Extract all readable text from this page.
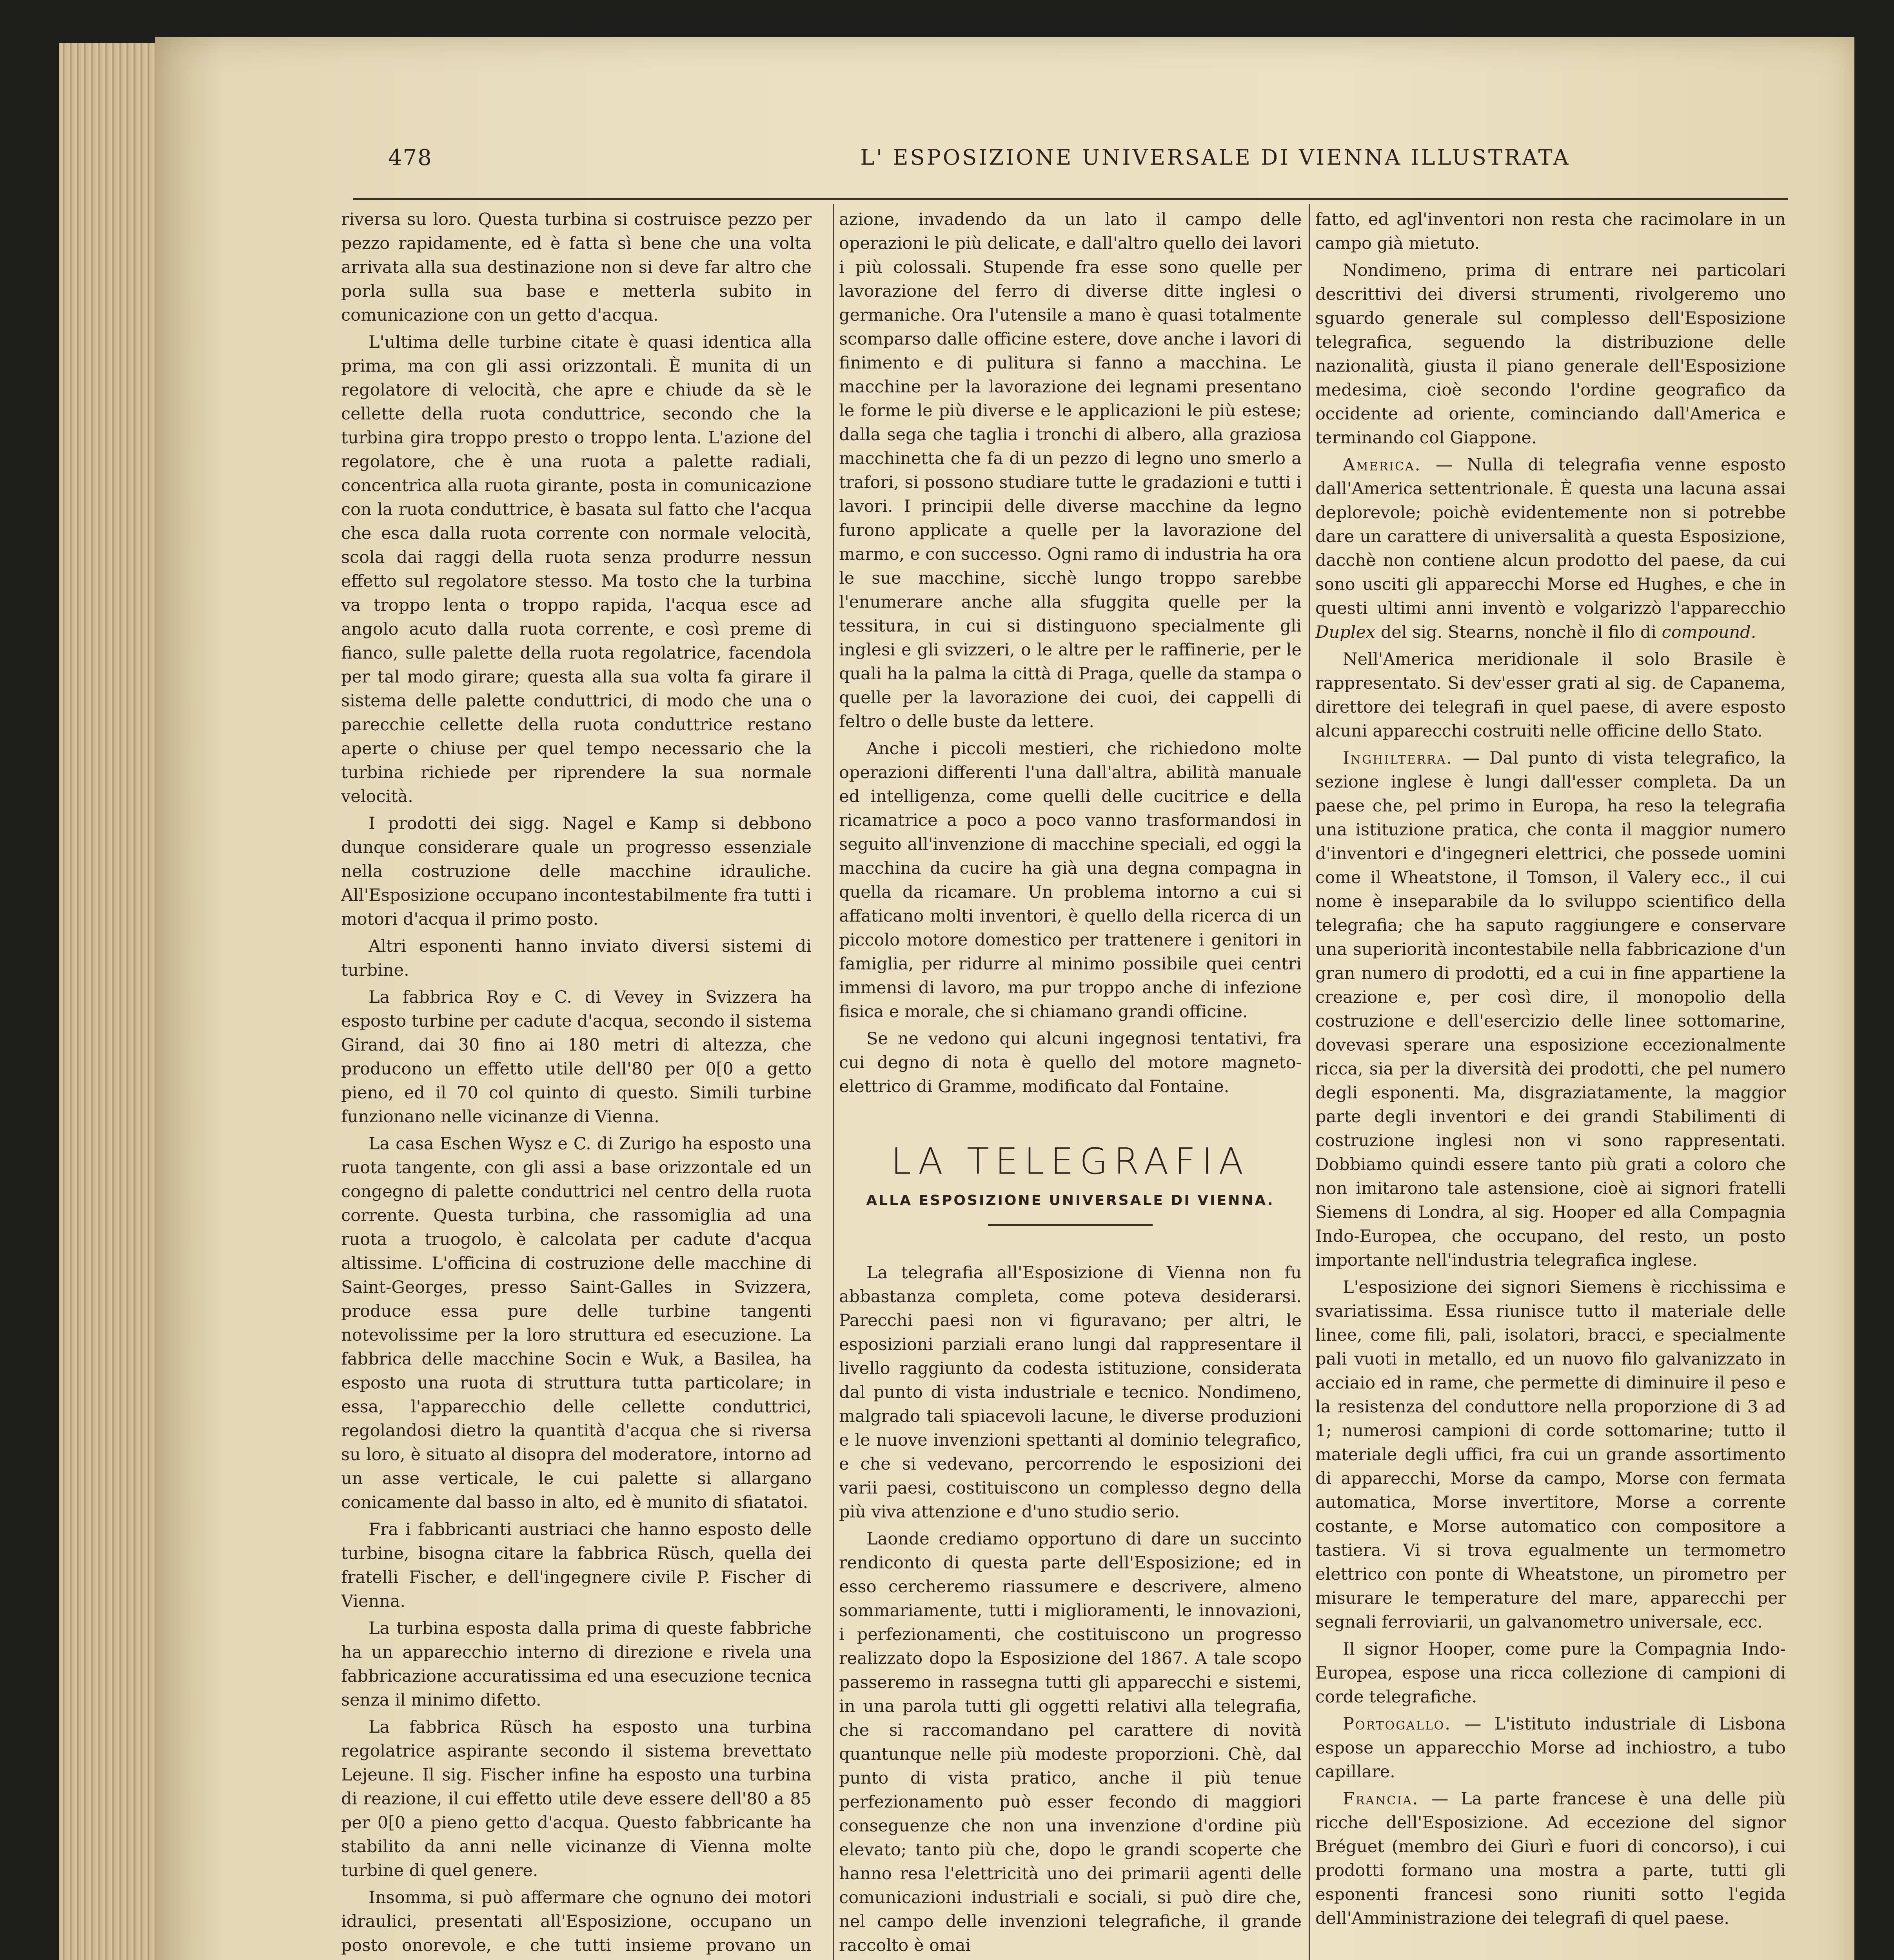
478	L' ESPOSIZIONE UNIVERSALE DI VIENNA ILLUSTRATA

riversa su loro. Questa turbina si costruisce pezzo per pezzo rapidamente, ed è fatta sì bene che una volta arrivata alla sua destinazione non si deve far altro che porla sulla sua base e metterla subito in comunicazione con un getto d'acqua.

L'ultima delle turbine citate è quasi identica alla prima, ma con gli assi orizzontali. È munita di un regolatore di velocità, che apre e chiude da sè le cellette della ruota conduttrice, secondo che la turbina gira troppo presto o troppo lenta. L'azione del regolatore, che è una ruota a palette radiali, concentrica alla ruota girante, posta in comunicazione con la ruota conduttrice, è basata sul fatto che l'acqua che esca dalla ruota corrente con normale velocità, scola dai raggi della ruota senza produrre nessun effetto sul regolatore stesso. Ma tosto che la turbina va troppo lenta o troppo rapida, l'acqua esce ad angolo acuto dalla ruota corrente, e così preme di fianco, sulle palette della ruota regolatrice, facendola per tal modo girare; questa alla sua volta fa girare il sistema delle palette conduttrici, di modo che una o parecchie cellette della ruota conduttrice restano aperte o chiuse per quel tempo necessario che la turbina richiede per riprendere la sua normale velocità.

I prodotti dei sigg. Nagel e Kamp si debbono dunque considerare quale un progresso essenziale nella costruzione delle macchine idrauliche. All'Esposizione occupano incontestabilmente fra tutti i motori d'acqua il primo posto.

Altri esponenti hanno inviato diversi sistemi di turbine.

La fabbrica Roy e C. di Vevey in Svizzera ha esposto turbine per cadute d'acqua, secondo il sistema Girand, dai 30 fino ai 180 metri di altezza, che producono un effetto utile dell'80 per 0[0 a getto pieno, ed il 70 col quinto di questo. Simili turbine funzionano nelle vicinanze di Vienna.

La casa Eschen Wysz e C. di Zurigo ha esposto una ruota tangente, con gli assi a base orizzontale ed un congegno di palette conduttrici nel centro della ruota corrente. Questa turbina, che rassomiglia ad una ruota a truogolo, è calcolata per cadute d'acqua altissime. L'officina di costruzione delle macchine di Saint-Georges, presso Saint-Galles in Svizzera, produce essa pure delle turbine tangenti notevolissime per la loro struttura ed esecuzione. La fabbrica delle macchine Socin e Wuk, a Basilea, ha esposto una ruota di struttura tutta particolare; in essa, l'apparecchio delle cellette conduttrici, regolandosi dietro la quantità d'acqua che si riversa su loro, è situato al disopra del moderatore, intorno ad un asse verticale, le cui palette si allargano conicamente dal basso in alto, ed è munito di sfiatatoi.

Fra i fabbricanti austriaci che hanno esposto delle turbine, bisogna citare la fabbrica Rüsch, quella dei fratelli Fischer, e dell'ingegnere civile P. Fischer di Vienna.

La turbina esposta dalla prima di queste fabbriche ha un apparecchio interno di direzione e rivela una fabbricazione accuratissima ed una esecuzione tecnica senza il minimo difetto.

La fabbrica Rüsch ha esposto una turbina regolatrice aspirante secondo il sistema brevettato Lejeune. Il sig. Fischer infine ha esposto una turbina di reazione, il cui effetto utile deve essere dell'80 a 85 per 0[0 a pieno getto d'acqua. Questo fabbricante ha stabilito da anni nelle vicinanze di Vienna molte turbine di quel genere.

Insomma, si può affermare che ognuno dei motori idraulici, presentati all'Esposizione, occupano un posto onorevole, e che tutti insieme provano un

azione, invadendo da un lato il campo delle operazioni le più delicate, e dall'altro quello dei lavori i più colossali. Stupende fra esse sono quelle per lavorazione del ferro di diverse ditte inglesi o germaniche. Ora l'utensile a mano è quasi totalmente scomparso dalle officine estere, dove anche i lavori di finimento e di pulitura si fanno a macchina. Le macchine per la lavorazione dei legnami presentano le forme le più diverse e le applicazioni le più estese; dalla sega che taglia i tronchi di albero, alla graziosa macchinetta che fa di un pezzo di legno uno smerlo a trafori, si possono studiare tutte le gradazioni e tutti i lavori. I principii delle diverse macchine da legno furono applicate a quelle per la lavorazione del marmo, e con successo. Ogni ramo di industria ha ora le sue macchine, sicchè lungo troppo sarebbe l'enumerare anche alla sfuggita quelle per la tessitura, in cui si distinguono specialmente gli inglesi e gli svizzeri, o le altre per le raffinerie, per le quali ha la palma la città di Praga, quelle da stampa o quelle per la lavorazione dei cuoi, dei cappelli di feltro o delle buste da lettere.

Anche i piccoli mestieri, che richiedono molte operazioni differenti l'una dall'altra, abilità manuale ed intelligenza, come quelli delle cucitrice e della ricamatrice a poco a poco vanno trasformandosi in seguito all'invenzione di macchine speciali, ed oggi la macchina da cucire ha già una degna compagna in quella da ricamare. Un problema intorno a cui si affaticano molti inventori, è quello della ricerca di un piccolo motore domestico per trattenere i genitori in famiglia, per ridurre al minimo possibile quei centri immensi di lavoro, ma pur troppo anche di infezione fisica e morale, che si chiamano grandi officine.

Se ne vedono qui alcuni ingegnosi tentativi, fra cui degno di nota è quello del motore magneto-elettrico di Gramme, modificato dal Fontaine.

LA TELEGRAFIA
ALLA ESPOSIZIONE UNIVERSALE DI VIENNA.

La telegrafia all'Esposizione di Vienna non fu abbastanza completa, come poteva desiderarsi. Parecchi paesi non vi figuravano; per altri, le esposizioni parziali erano lungi dal rappresentare il livello raggiunto da codesta istituzione, considerata dal punto di vista industriale e tecnico. Nondimeno, malgrado tali spiacevoli lacune, le diverse produzioni e le nuove invenzioni spettanti al dominio telegrafico, e che si vedevano, percorrendo le esposizioni dei varii paesi, costituiscono un complesso degno della più viva attenzione e d'uno studio serio.

Laonde crediamo opportuno di dare un succinto rendiconto di questa parte dell'Esposizione; ed in esso cercheremo riassumere e descrivere, almeno sommariamente, tutti i miglioramenti, le innovazioni, i perfezionamenti, che costituiscono un progresso realizzato dopo la Esposizione del 1867. A tale scopo passeremo in rassegna tutti gli apparecchi e sistemi, in una parola tutti gli oggetti relativi alla telegrafia, che si raccomandano pel carattere di novità quantunque nelle più modeste proporzioni. Chè, dal punto di vista pratico, anche il più tenue perfezionamento può esser fecondo di maggiori conseguenze che non una invenzione d'ordine più elevato; tanto più che, dopo le grandi scoperte che hanno resa l'elettricità uno dei primarii agenti delle comunicazioni industriali e sociali, si può dire che, nel campo delle invenzioni telegrafiche, il grande raccolto è omai

fatto, ed agl'inventori non resta che racimolare in un campo già mietuto.

Nondimeno, prima di entrare nei particolari descrittivi dei diversi strumenti, rivolgeremo uno sguardo generale sul complesso dell'Esposizione telegrafica, seguendo la distribuzione delle nazionalità, giusta il piano generale dell'Esposizione medesima, cioè secondo l'ordine geografico da occidente ad oriente, cominciando dall'America e terminando col Giappone.

America. — Nulla di telegrafia venne esposto dall'America settentrionale. È questa una lacuna assai deplorevole; poichè evidentemente non si potrebbe dare un carattere di universalità a questa Esposizione, dacchè non contiene alcun prodotto del paese, da cui sono usciti gli apparecchi Morse ed Hughes, e che in questi ultimi anni inventò e volgarizzò l'apparecchio Duplex del sig. Stearns, nonchè il filo di compound.

Nell'America meridionale il solo Brasile è rappresentato. Si dev'esser grati al sig. de Capanema, direttore dei telegrafi in quel paese, di avere esposto alcuni apparecchi costruiti nelle officine dello Stato.

Inghilterra. — Dal punto di vista telegrafico, la sezione inglese è lungi dall'esser completa. Da un paese che, pel primo in Europa, ha reso la telegrafia una istituzione pratica, che conta il maggior numero d'inventori e d'ingegneri elettrici, che possede uomini come il Wheatstone, il Tomson, il Valery ecc., il cui nome è inseparabile da lo sviluppo scientifico della telegrafia; che ha saputo raggiungere e conservare una superiorità incontestabile nella fabbricazione d'un gran numero di prodotti, ed a cui in fine appartiene la creazione e, per così dire, il monopolio della costruzione e dell'esercizio delle linee sottomarine, dovevasi sperare una esposizione eccezionalmente ricca, sia per la diversità dei prodotti, che pel numero degli esponenti. Ma, disgraziatamente, la maggior parte degli inventori e dei grandi Stabilimenti di costruzione inglesi non vi sono rappresentati. Dobbiamo quindi essere tanto più grati a coloro che non imitarono tale astensione, cioè ai signori fratelli Siemens di Londra, al sig. Hooper ed alla Compagnia Indo-Europea, che occupano, del resto, un posto importante nell'industria telegrafica inglese.

L'esposizione dei signori Siemens è ricchissima e svariatissima. Essa riunisce tutto il materiale delle linee, come fili, pali, isolatori, bracci, e specialmente pali vuoti in metallo, ed un nuovo filo galvanizzato in acciaio ed in rame, che permette di diminuire il peso e la resistenza del conduttore nella proporzione di 3 ad 1; numerosi campioni di corde sottomarine; tutto il materiale degli uffici, fra cui un grande assortimento di apparecchi, Morse da campo, Morse con fermata automatica, Morse invertitore, Morse a corrente costante, e Morse automatico con compositore a tastiera. Vi si trova egualmente un termometro elettrico con ponte di Wheatstone, un pirometro per misurare le temperature del mare, apparecchi per segnali ferroviarii, un galvanometro universale, ecc.

Il signor Hooper, come pure la Compagnia Indo-Europea, espose una ricca collezione di campioni di corde telegrafiche.

Portogallo. — L'istituto industriale di Lisbona espose un apparecchio Morse ad inchiostro, a tubo capillare.

Francia. — La parte francese è una delle più ricche dell'Esposizione. Ad eccezione del signor Bréguet (membro dei Giurì e fuori di concorso), i cui prodotti formano una mostra a parte, tutti gli esponenti francesi sono riuniti sotto l'egida dell'Amministrazione dei telegrafi di quel paese.
